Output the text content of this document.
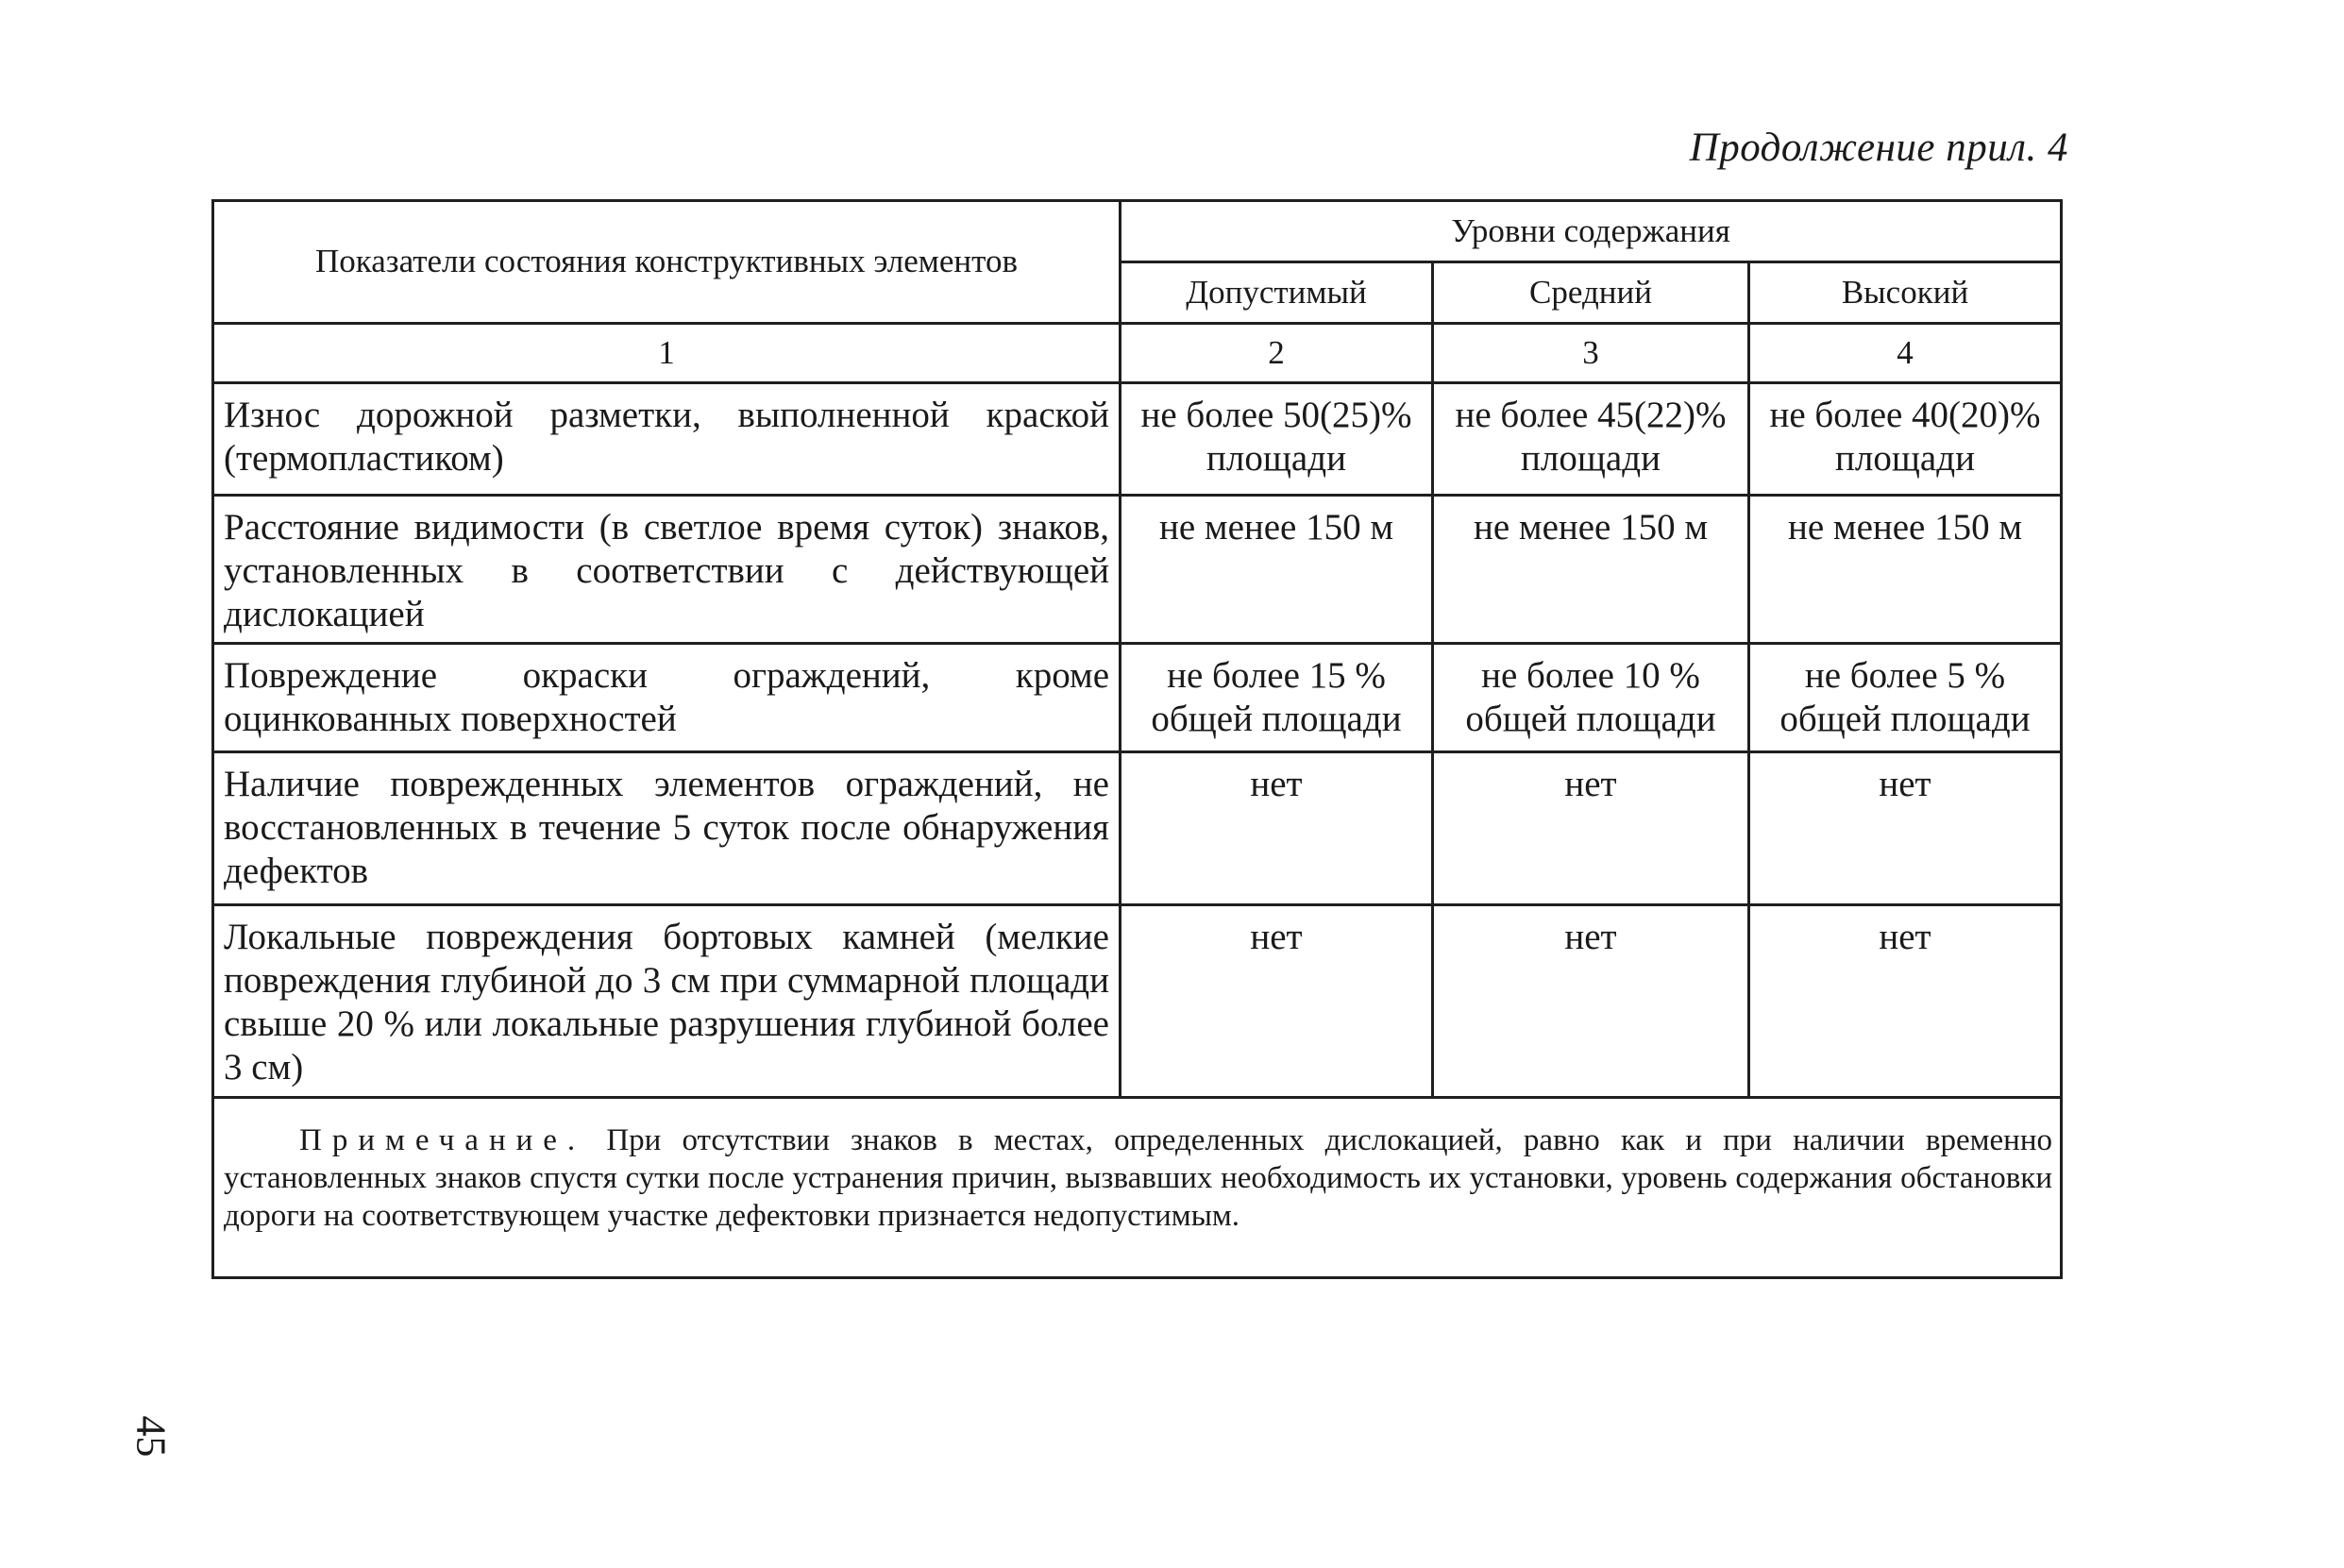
Продолжение прил. 4
Показатели состояния конструктивных элементов	Уровни содержания		
	Допустимый	Средний	Высокий
1	2	3	4
Износ дорожной разметки, выполненной краской (термопластиком)	не более 50(25)% площади	не более 45(22)% площади	не более 40(20)% площади
Расстояние видимости (в светлое время суток) знаков, установленных в соответствии с действующей дислокацией	не менее 150 м	не менее 150 м	не менее 150 м
Повреждение окраски ограждений, кроме оцинкованных поверхностей	не более 15 % общей площади	не более 10 % общей площади	не более 5 % общей площади
Наличие поврежденных элементов ограждений, не восстановленных в течение 5 суток после обнаружения дефектов	нет	нет	нет
Локальные повреждения бортовых камней (мелкие повреждения глубиной до 3 см при суммарной площади свыше 20 % или локальные разрушения глубиной более 3 см)	нет	нет	нет
Примечание. При отсутствии знаков в местах, определенных дислокацией, равно как и при наличии временно установленных знаков спустя сутки после устранения причин, вызвавших необходимость их установки, уровень содержания обстановки дороги на соответствующем участке дефектовки признается недопустимым.			
45
